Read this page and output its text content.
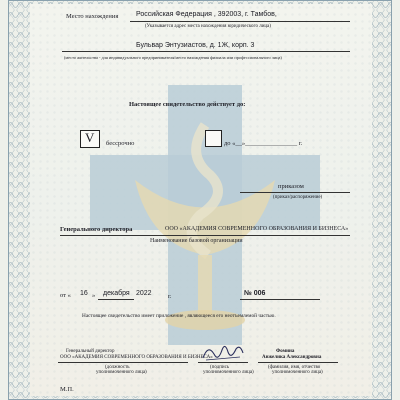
Место нахождения	Российская Федерация , 392003, г. Тамбов,
(Указывается адрес места нахождения юридического лица)
Бульвар Энтузиастов, д. 1Ж, корп. 3
(место жительства - для индивидуального предпринимателя/место нахождения филиала или профессионального лица)
Настоящее свидетельство действует до:
V бессрочно	до «__»________________ г.
приказом
(приказ/распоряжение)
Генерального директора	ООО «АКАДЕМИЯ СОВРЕМЕННОГО ОБРАЗОВАНИЯ И БИЗНЕСА»
Наименование базовой организации
от « 16 » декабря 2022	г.	№ 006
Настоящее свидетельство имеет приложение , являющееся его неотъемлемой частью.
Генеральный директор
ООО «АКАДЕМИЯ СОВРЕМЕННОГО ОБРАЗОВАНИЯ И БИЗНЕСА»
(должность
уполномоченного лица)
(подпись
уполномоченного лица)
Фомина
Анжелика Александровна
(фамилия, имя, отчество
уполномоченного лица)
М.П.
